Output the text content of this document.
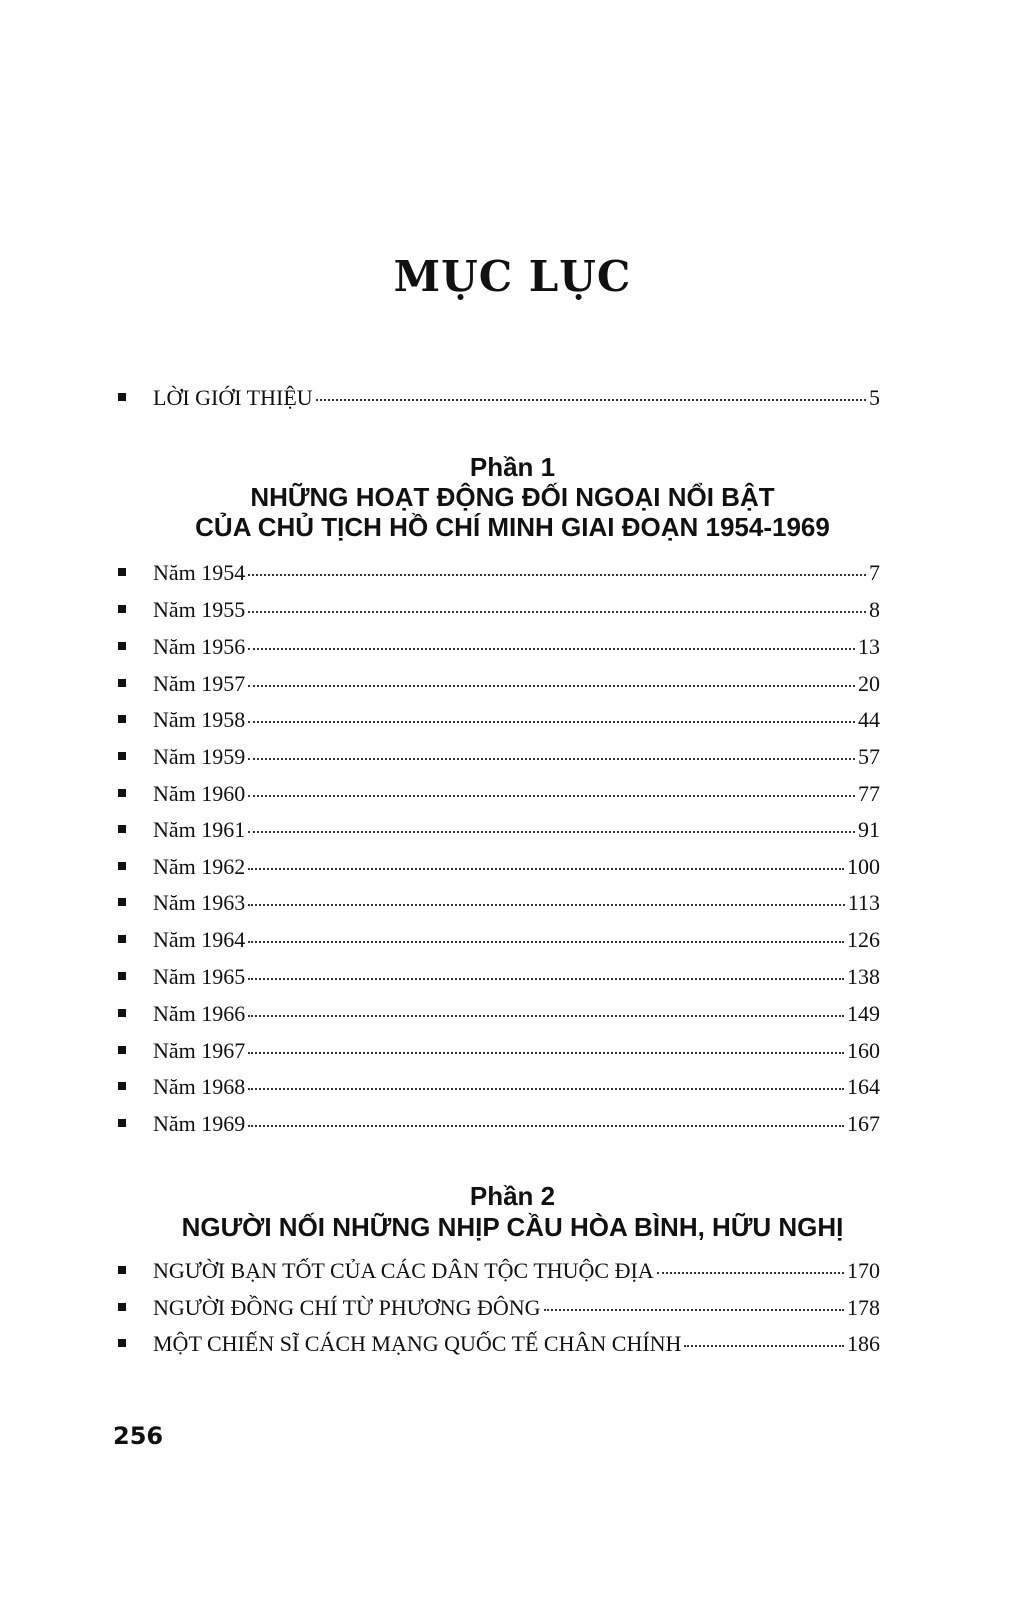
MỤC LỤC
LỜI GIỚI THIỆU	5
Phần 1
NHỮNG HOẠT ĐỘNG ĐỐI NGOẠI NỔI BẬT
CỦA CHỦ TỊCH HỒ CHÍ MINH GIAI ĐOẠN 1954-1969
Năm 1954	7
Năm 1955	8
Năm 1956	13
Năm 1957	20
Năm 1958	44
Năm 1959	57
Năm 1960	77
Năm 1961	91
Năm 1962	100
Năm 1963	113
Năm 1964	126
Năm 1965	138
Năm 1966	149
Năm 1967	160
Năm 1968	164
Năm 1969	167
Phần 2
NGƯỜI NỐI NHỮNG NHỊP CẦU HÒA BÌNH, HỮU NGHỊ
NGƯỜI BẠN TỐT CỦA CÁC DÂN TỘC THUỘC ĐỊA	170
NGƯỜI ĐỒNG CHÍ TỪ PHƯƠNG ĐÔNG	178
MỘT CHIẾN SĨ CÁCH MẠNG QUỐC TẾ CHÂN CHÍNH	186
256
